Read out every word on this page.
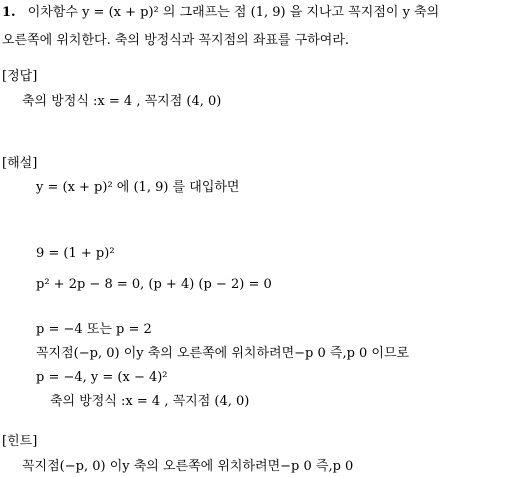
1. 이차함수 y = (x + p)² 의 그래프는 점 (1, 9) 을 지나고 꼭지점이 y 축의
오른쪽에 위치한다. 축의 방정식과 꼭지점의 좌표를 구하여라.
[정답]
축의 방정식 :x = 4 , 꼭지점 (4, 0)
[해설]
y = (x + p)² 에 (1, 9) 를 대입하면
9 = (1 + p)²
p² + 2p − 8 = 0, (p + 4) (p − 2) = 0
p = −4 또는 p = 2
꼭지점(−p, 0) 이y 축의 오른쪽에 위치하려면−p 0 즉,p 0 이므로
p = −4, y = (x − 4)²
축의 방정식 :x = 4 , 꼭지점 (4, 0)
[힌트]
꼭지점(−p, 0) 이y 축의 오른쪽에 위치하려면−p 0 즉,p 0
